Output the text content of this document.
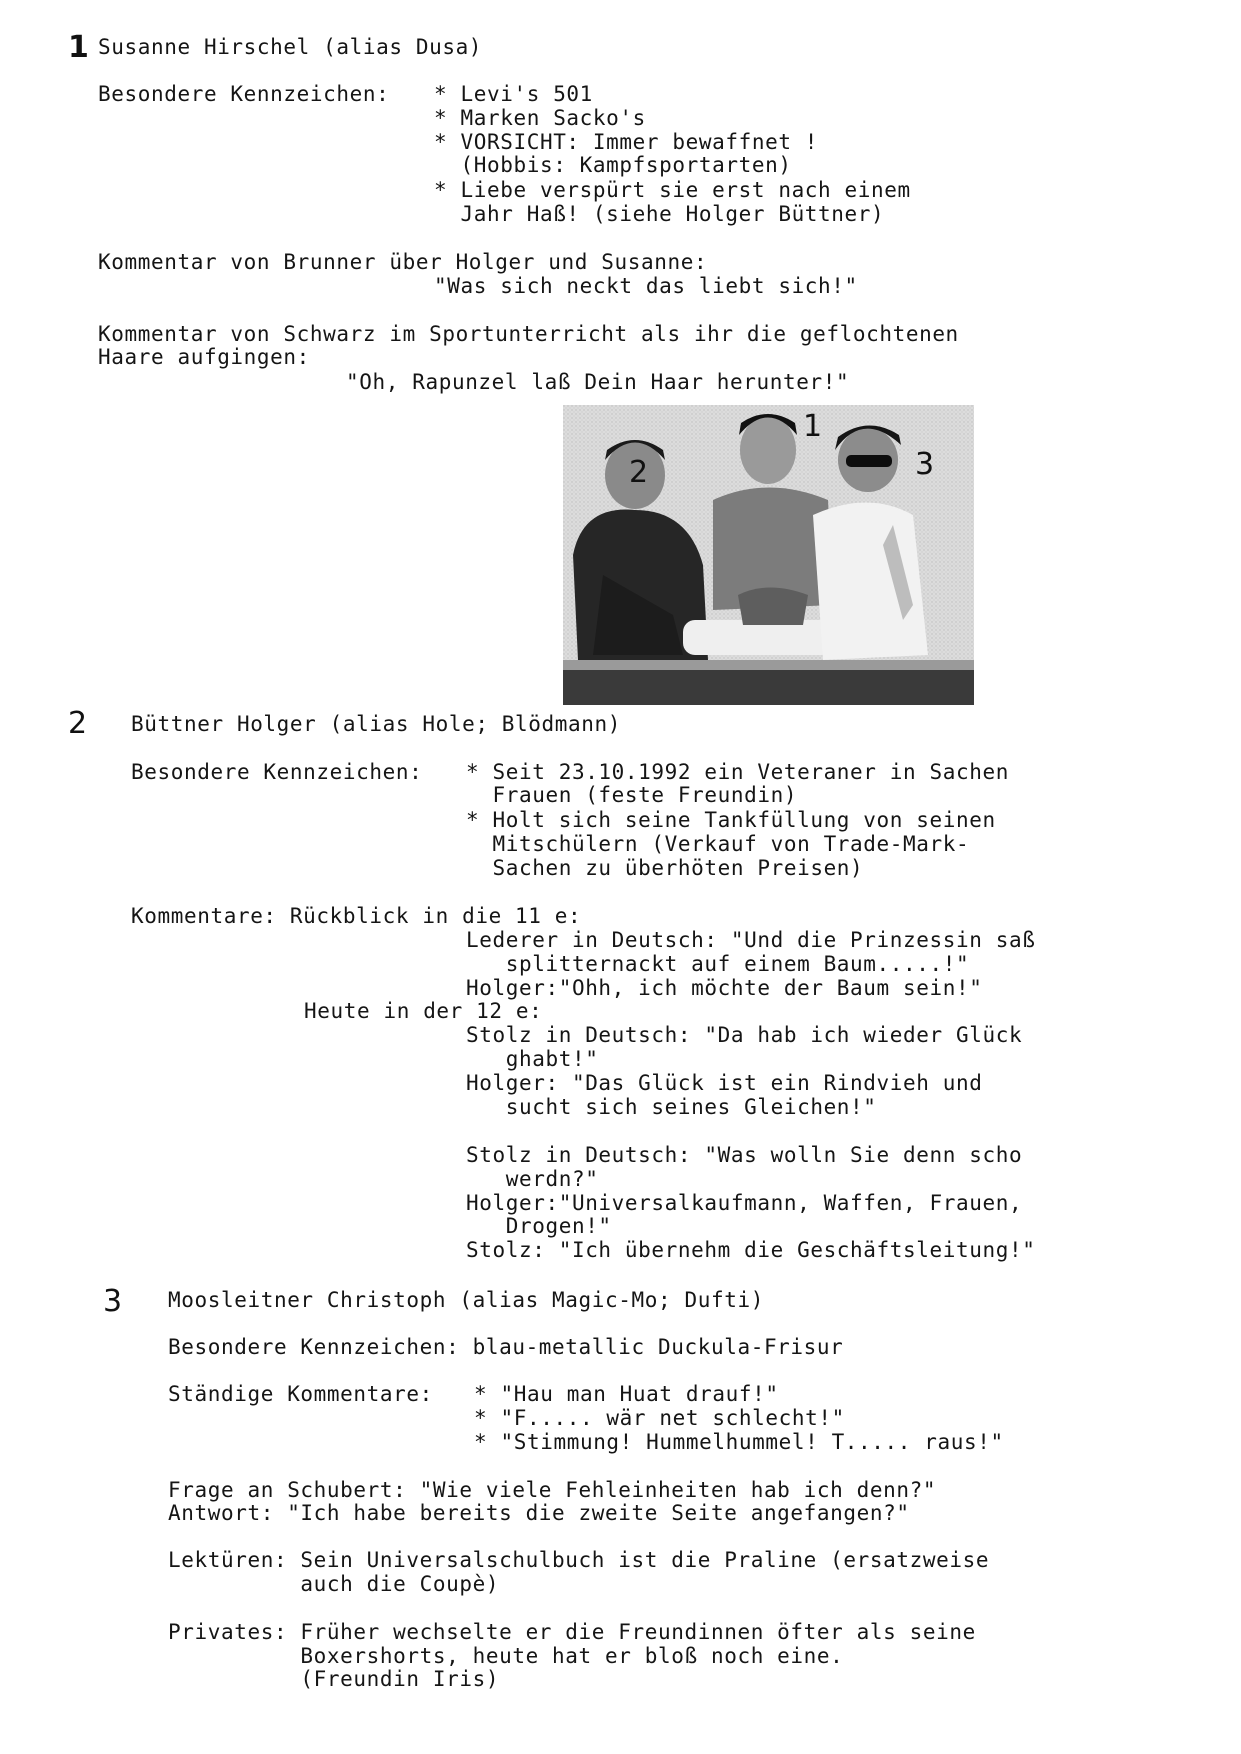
1 Susanne Hirschel (alias Dusa)
Besondere Kennzeichen: * Levi's 501
* Marken Sacko's
* VORSICHT: Immer bewaffnet !
(Hobbis: Kampfsportarten)
* Liebe verspürt sie erst nach einem
Jahr Haß! (siehe Holger Büttner)
Kommentar von Brunner über Holger und Susanne:
"Was sich neckt das liebt sich!"
Kommentar von Schwarz im Sportunterricht als ihr die geflochtenen
Haare aufgingen:
"Oh, Rapunzel laß Dein Haar herunter!"
1
2	3
2 Büttner Holger (alias Hole; Blödmann)
Besondere Kennzeichen: * Seit 23.10.1992 ein Veteraner in Sachen
Frauen (feste Freundin)
* Holt sich seine Tankfüllung von seinen
Mitschülern (Verkauf von Trade-Mark-
Sachen zu überhöten Preisen)
Kommentare: Rückblick in die 11 e:
Lederer in Deutsch: "Und die Prinzessin saß
splitternackt auf einem Baum.....!"
Holger:"Ohh, ich möchte der Baum sein!"
Heute in der 12 e:
Stolz in Deutsch: "Da hab ich wieder Glück
ghabt!"
Holger: "Das Glück ist ein Rindvieh und
sucht sich seines Gleichen!"
Stolz in Deutsch: "Was wolln Sie denn scho
werdn?"
Holger:"Universalkaufmann, Waffen, Frauen,
Drogen!"
Stolz: "Ich übernehm die Geschäftsleitung!"
3 Moosleitner Christoph (alias Magic-Mo; Dufti)
Besondere Kennzeichen: blau-metallic Duckula-Frisur
Ständige Kommentare: * "Hau man Huat drauf!"
* "F..... wär net schlecht!"
* "Stimmung! Hummelhummel! T..... raus!"
Frage an Schubert: "Wie viele Fehleinheiten hab ich denn?"
Antwort: "Ich habe bereits die zweite Seite angefangen?"
Lektüren: Sein Universalschulbuch ist die Praline (ersatzweise
auch die Coupè)
Privates: Früher wechselte er die Freundinnen öfter als seine
Boxershorts, heute hat er bloß noch eine.
(Freundin Iris)
